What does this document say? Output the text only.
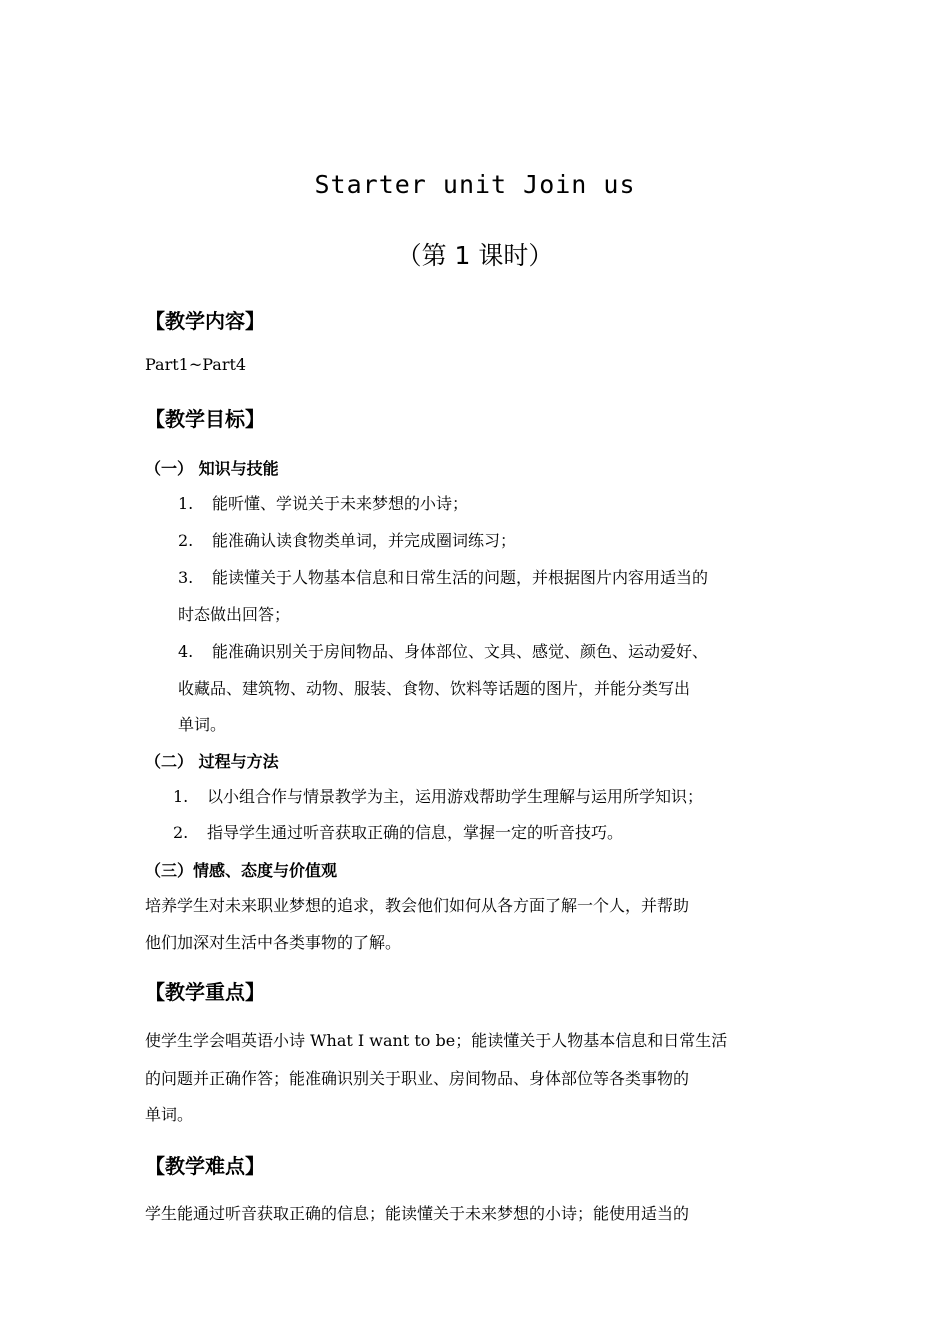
Starter unit Join us
（第 1 课时）
【教学内容】
Part1~Part4
【教学目标】
（一） 知识与技能
1. 能听懂、学说关于未来梦想的小诗；
2. 能准确认读食物类单词，并完成圈词练习；
3. 能读懂关于人物基本信息和日常生活的问题，并根据图片内容用适当的
时态做出回答；
4. 能准确识别关于房间物品、身体部位、文具、感觉、颜色、运动爱好、
收藏品、建筑物、动物、服装、食物、饮料等话题的图片，并能分类写出
单词。
（二） 过程与方法
1. 以小组合作与情景教学为主，运用游戏帮助学生理解与运用所学知识；
2. 指导学生通过听音获取正确的信息，掌握一定的听音技巧。
（三）情感、态度与价值观
培养学生对未来职业梦想的追求，教会他们如何从各方面了解一个人，并帮助
他们加深对生活中各类事物的了解。
【教学重点】
使学生学会唱英语小诗 What I want to be；能读懂关于人物基本信息和日常生活
的问题并正确作答；能准确识别关于职业、房间物品、身体部位等各类事物的
单词。
【教学难点】
学生能通过听音获取正确的信息；能读懂关于未来梦想的小诗；能使用适当的
